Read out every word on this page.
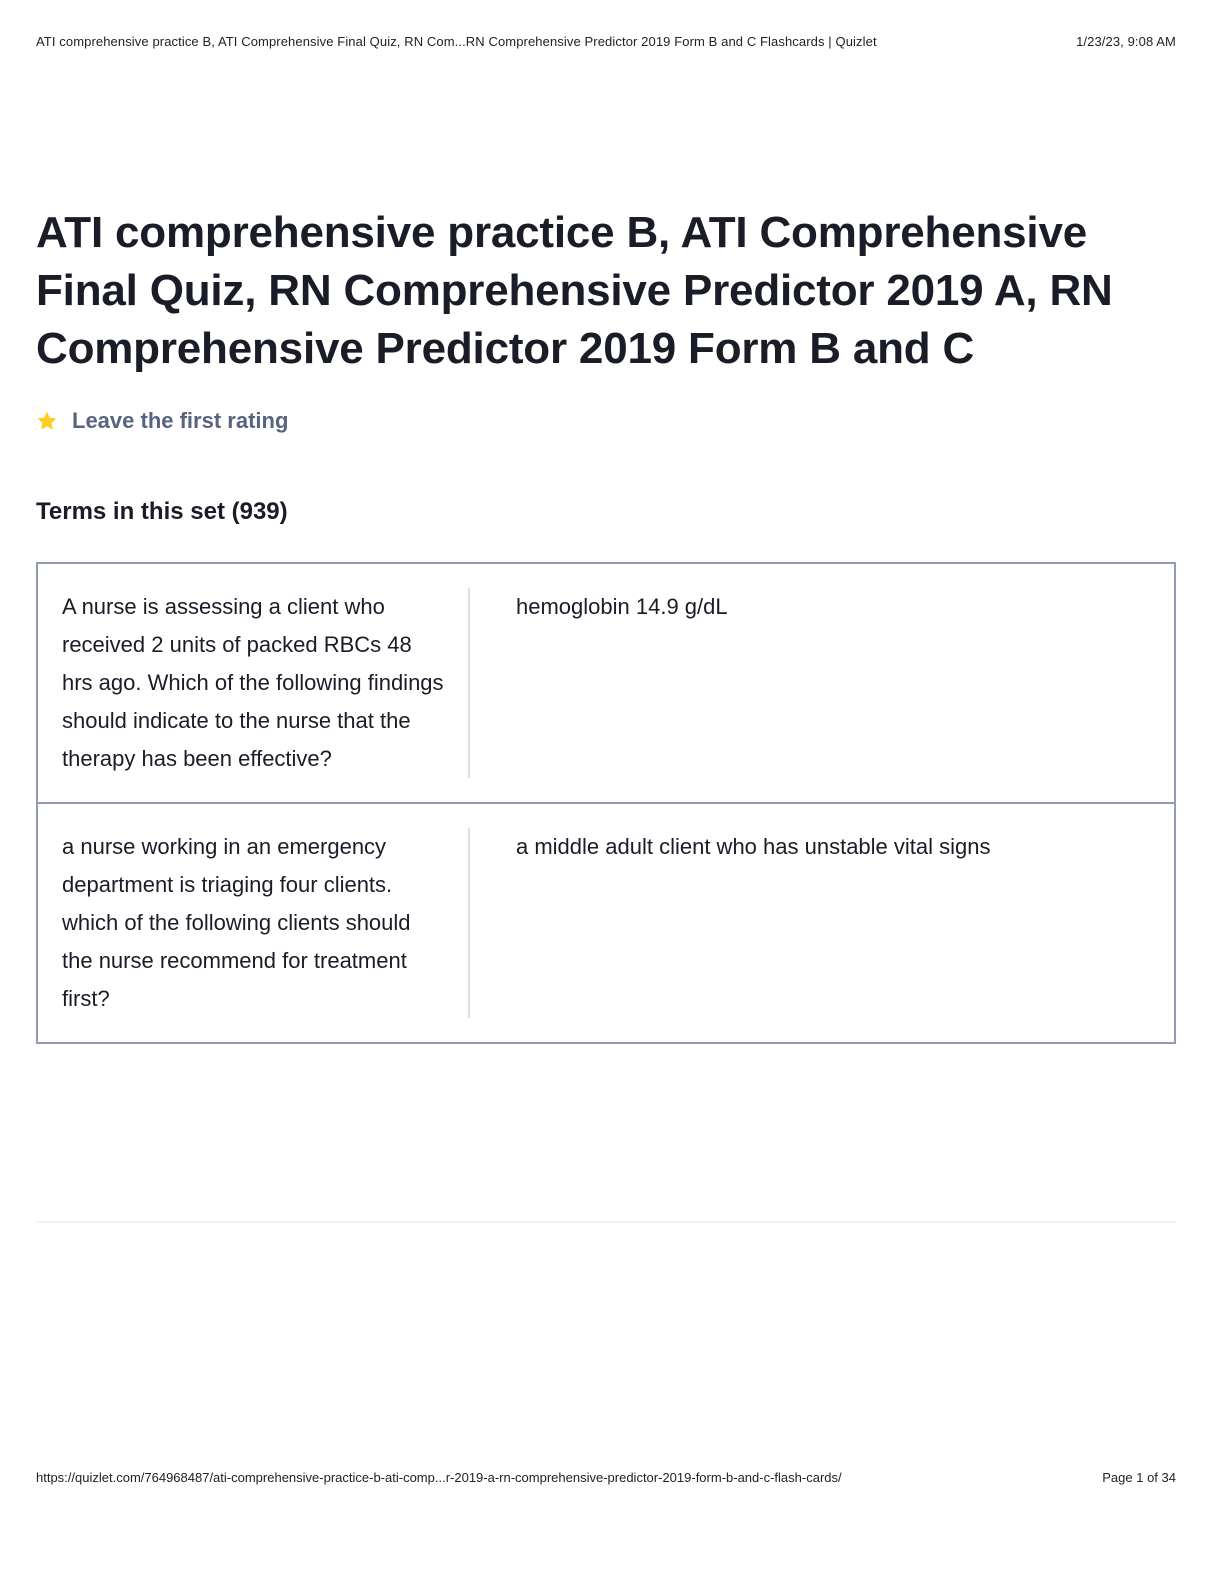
ATI comprehensive practice B, ATI Comprehensive Final Quiz, RN Com...RN Comprehensive Predictor 2019 Form B and C Flashcards | Quizlet	1/23/23, 9:08 AM
ATI comprehensive practice B, ATI Comprehensive Final Quiz, RN Comprehensive Predictor 2019 A, RN Comprehensive Predictor 2019 Form B and C
Leave the first rating
Terms in this set (939)
A nurse is assessing a client who received 2 units of packed RBCs 48 hrs ago. Which of the following findings should indicate to the nurse that the therapy has been effective?
hemoglobin 14.9 g/dL
a nurse working in an emergency department is triaging four clients. which of the following clients should the nurse recommend for treatment first?
a middle adult client who has unstable vital signs
https://quizlet.com/764968487/ati-comprehensive-practice-b-ati-comp...r-2019-a-rn-comprehensive-predictor-2019-form-b-and-c-flash-cards/	Page 1 of 34
